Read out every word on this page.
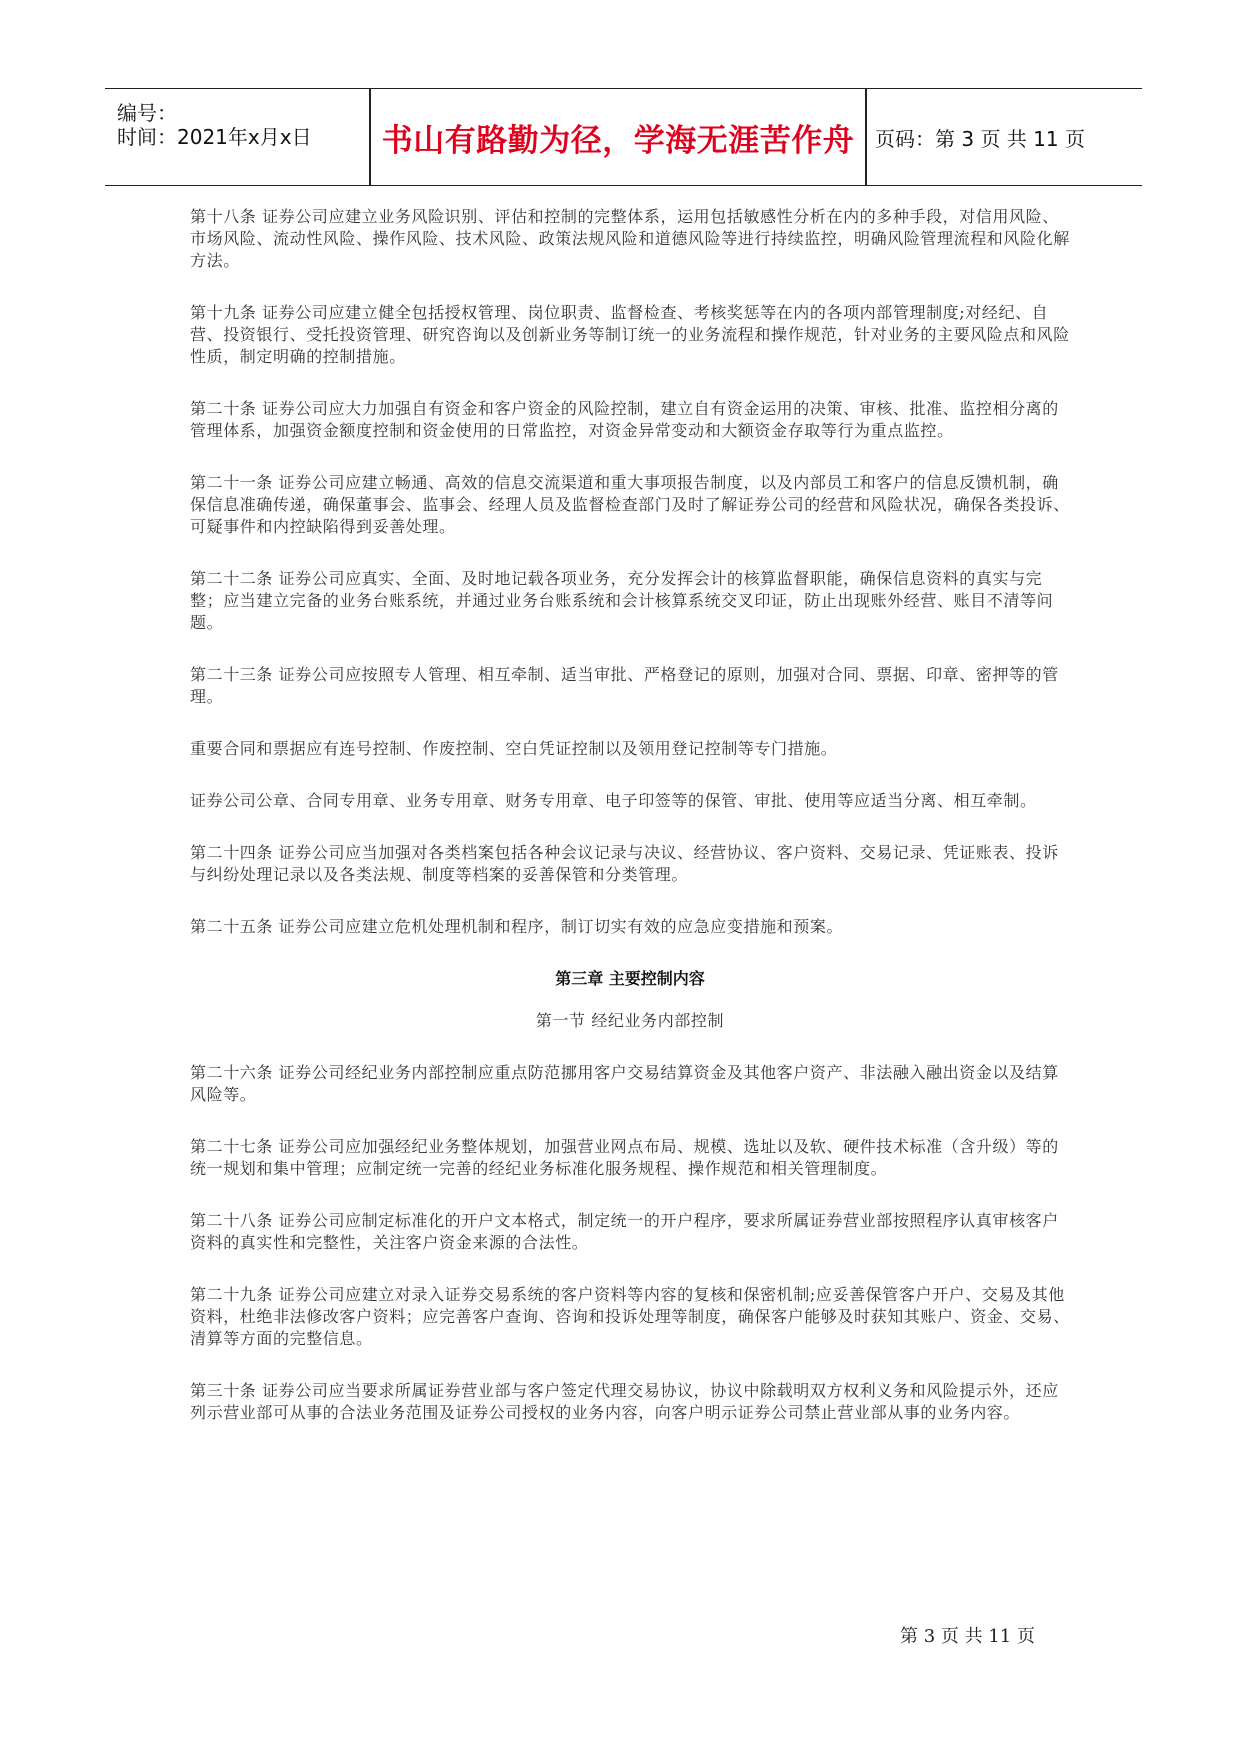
编号：
时间：2021年x月x日 书山有路勤为径，学海无涯苦作舟 页码：第 3 页 共 11 页

第十八条 证券公司应建立业务风险识别、评估和控制的完整体系，运用包括敏感性分析在内的多种手段，对信用风险、市场风险、流动性风险、操作风险、技术风险、政策法规风险和道德风险等进行持续监控，明确风险管理流程和风险化解方法。

第十九条 证券公司应建立健全包括授权管理、岗位职责、监督检查、考核奖惩等在内的各项内部管理制度;对经纪、自营、投资银行、受托投资管理、研究咨询以及创新业务等制订统一的业务流程和操作规范，针对业务的主要风险点和风险性质，制定明确的控制措施。

第二十条 证券公司应大力加强自有资金和客户资金的风险控制，建立自有资金运用的决策、审核、批准、监控相分离的管理体系，加强资金额度控制和资金使用的日常监控，对资金异常变动和大额资金存取等行为重点监控。

第二十一条 证券公司应建立畅通、高效的信息交流渠道和重大事项报告制度，以及内部员工和客户的信息反馈机制，确保信息准确传递，确保董事会、监事会、经理人员及监督检查部门及时了解证券公司的经营和风险状况，确保各类投诉、可疑事件和内控缺陷得到妥善处理。

第二十二条 证券公司应真实、全面、及时地记载各项业务，充分发挥会计的核算监督职能，确保信息资料的真实与完整；应当建立完备的业务台账系统，并通过业务台账系统和会计核算系统交叉印证，防止出现账外经营、账目不清等问题。

第二十三条 证券公司应按照专人管理、相互牵制、适当审批、严格登记的原则，加强对合同、票据、印章、密押等的管理。

重要合同和票据应有连号控制、作废控制、空白凭证控制以及领用登记控制等专门措施。

证券公司公章、合同专用章、业务专用章、财务专用章、电子印签等的保管、审批、使用等应适当分离、相互牵制。

第二十四条 证券公司应当加强对各类档案包括各种会议记录与决议、经营协议、客户资料、交易记录、凭证账表、投诉与纠纷处理记录以及各类法规、制度等档案的妥善保管和分类管理。

第二十五条 证券公司应建立危机处理机制和程序，制订切实有效的应急应变措施和预案。

第三章 主要控制内容

第一节 经纪业务内部控制

第二十六条 证券公司经纪业务内部控制应重点防范挪用客户交易结算资金及其他客户资产、非法融入融出资金以及结算风险等。

第二十七条 证券公司应加强经纪业务整体规划，加强营业网点布局、规模、选址以及软、硬件技术标准（含升级）等的统一规划和集中管理；应制定统一完善的经纪业务标准化服务规程、操作规范和相关管理制度。

第二十八条 证券公司应制定标准化的开户文本格式，制定统一的开户程序，要求所属证券营业部按照程序认真审核客户资料的真实性和完整性，关注客户资金来源的合法性。

第二十九条 证券公司应建立对录入证券交易系统的客户资料等内容的复核和保密机制;应妥善保管客户开户、交易及其他资料，杜绝非法修改客户资料；应完善客户查询、咨询和投诉处理等制度，确保客户能够及时获知其账户、资金、交易、清算等方面的完整信息。

第三十条 证券公司应当要求所属证券营业部与客户签定代理交易协议，协议中除载明双方权利义务和风险提示外，还应列示营业部可从事的合法业务范围及证券公司授权的业务内容，向客户明示证券公司禁止营业部从事的业务内容。

第 3 页 共 11 页
